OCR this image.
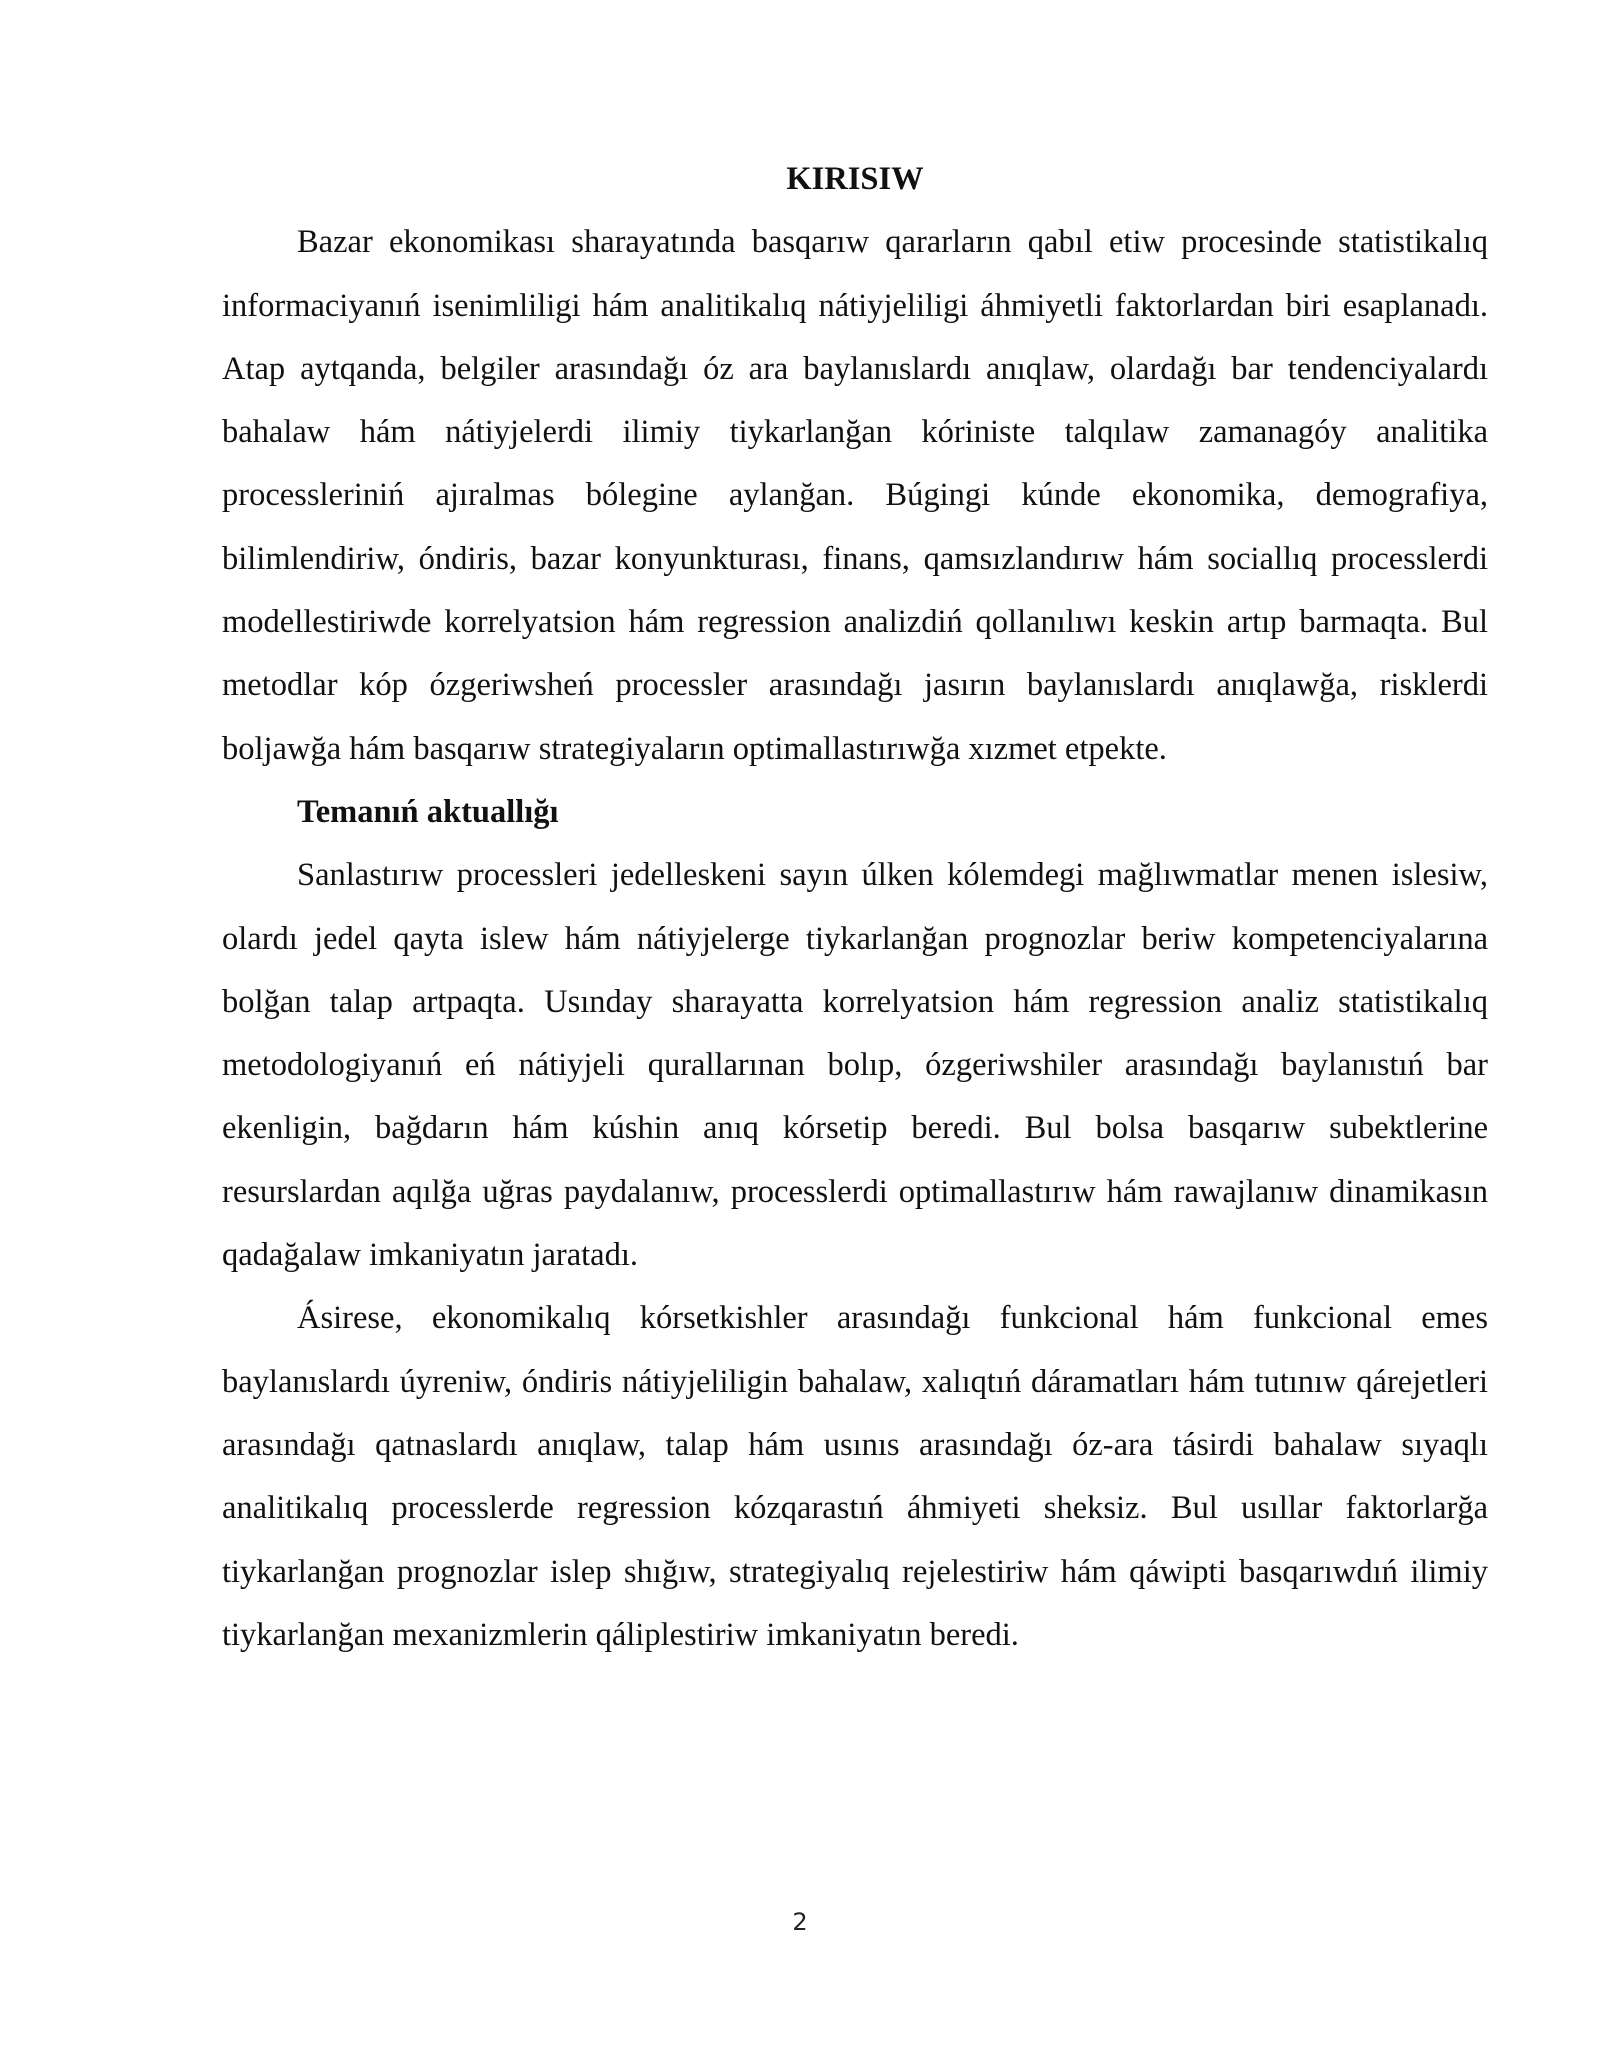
KIRISIW

Bazar ekonomikası sharayatında basqarıw qararların qabıl etiw procesinde statistikalıq informaciyanıń isenimliligi hám analitikalıq nátiyjeliligi áhmiyetli faktorlardan biri esaplanadı. Atap aytqanda, belgiler arasındağı óz ara baylanıslardı anıqlaw, olardağı bar tendenciyalardı bahalaw hám nátiyjelerdi ilimiy tiykarlanğan kóriniste talqılaw zamanagóy analitika processleriniń ajıralmas bólegine aylanğan. Búgingi kúnde ekonomika, demografiya, bilimlendiriw, óndiris, bazar konyunkturası, finans, qamsızlandırıw hám sociallıq processlerdi modellestiriwde korrelyatsion hám regression analizdiń qollanılıwı keskin artıp barmaqta. Bul metodlar kóp ózgeriwsheń processler arasındağı jasırın baylanıslardı anıqlawğa, risklerdi boljawğa hám basqarıw strategiyaların optimallastırıwğa xızmet etpekte.

Temanıń aktuallığı

Sanlastırıw processleri jedelleskeni sayın úlken kólemdegi mağlıwmatlar menen islesiw, olardı jedel qayta islew hám nátiyjelerge tiykarlanğan prognozlar beriw kompetenciyalarına bolğan talap artpaqta. Usınday sharayatta korrelyatsion hám regression analiz statistikalıq metodologiyanıń eń nátiyjeli qurallarınan bolıp, ózgeriwshiler arasındağı baylanıstıń bar ekenligin, bağdarın hám kúshin anıq kórsetip beredi. Bul bolsa basqarıw subektlerine resurslardan aqılğa uğras paydalanıw, processlerdi optimallastırıw hám rawajlanıw dinamikasın qadağalaw imkaniyatın jaratadı.

Ásirese, ekonomikalıq kórsetkishler arasındağı funkcional hám funkcional emes baylanıslardı úyreniw, óndiris nátiyjeliligin bahalaw, xalıqtıń dáramatları hám tutınıw qárejetleri arasındağı qatnaslardı anıqlaw, talap hám usınıs arasındağı óz-ara tásirdi bahalaw sıyaqlı analitikalıq processlerde regression kózqarastıń áhmiyeti sheksiz. Bul usıllar faktorlarğa tiykarlanğan prognozlar islep shığıw, strategiyalıq rejelestiriw hám qáwipti basqarıwdıń ilimiy tiykarlanğan mexanizmlerin qáliplestiriw imkaniyatın beredi.

2
